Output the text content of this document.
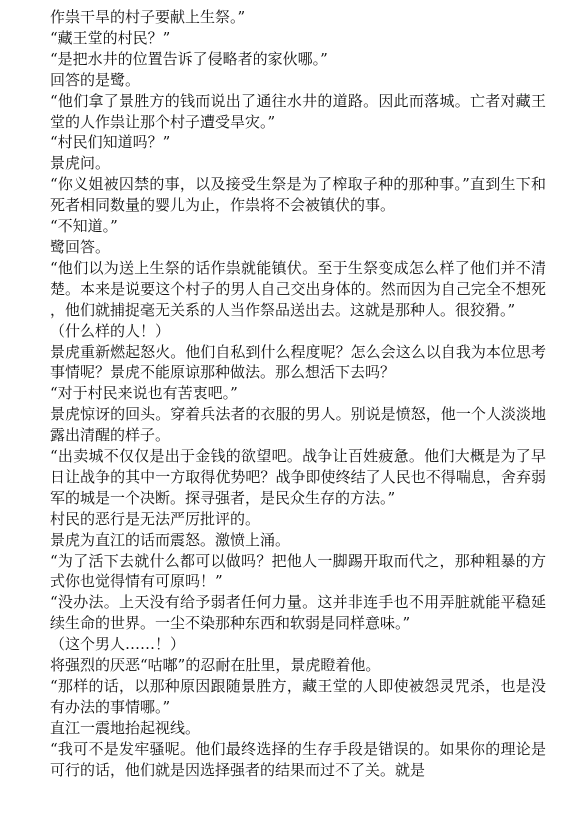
作祟干旱的村子要献上生祭。”

“藏王堂的村民？”

“是把水井的位置告诉了侵略者的家伙哪。”

回答的是鹭。

“他们拿了景胜方的钱而说出了通往水井的道路。因此而落城。亡者对藏王堂的人作祟让那个村子遭受旱灾。”

“村民们知道吗？”

景虎问。

“你义姐被囚禁的事，以及接受生祭是为了榨取子种的那种事。”直到生下和死者相同数量的婴儿为止，作祟将不会被镇伏的事。

“不知道。”

鹭回答。

“他们以为送上生祭的话作祟就能镇伏。至于生祭变成怎么样了他们并不清楚。本来是说要这个村子的男人自己交出身体的。然而因为自己完全不想死，他们就捕捉毫无关系的人当作祭品送出去。这就是那种人。很狡猾。”

（什么样的人！）

景虎重新燃起怒火。他们自私到什么程度呢？怎么会这么以自我为本位思考事情呢？景虎不能原谅那种做法。那么想活下去吗？

“对于村民来说也有苦衷吧。”

景虎惊讶的回头。穿着兵法者的衣服的男人。别说是愤怒，他一个人淡淡地露出清醒的样子。

“出卖城不仅仅是出于金钱的欲望吧。战争让百姓疲惫。他们大概是为了早日让战争的其中一方取得优势吧？战争即使终结了人民也不得喘息，舍弃弱军的城是一个决断。探寻强者，是民众生存的方法。”

村民的恶行是无法严厉批评的。

景虎为直江的话而震怒。激愤上涌。

“为了活下去就什么都可以做吗？把他人一脚踢开取而代之，那种粗暴的方式你也觉得情有可原吗！”

“没办法。上天没有给予弱者任何力量。这并非连手也不用弄脏就能平稳延续生命的世界。一尘不染那种东西和软弱是同样意味。”

（这个男人……！）

将强烈的厌恶“咕嘟”的忍耐在肚里，景虎瞪着他。

“那样的话，以那种原因跟随景胜方，藏王堂的人即使被怨灵咒杀，也是没有办法的事情哪。”

直江一震地抬起视线。

“我可不是发牢骚呢。他们最终选择的生存手段是错误的。如果你的理论是可行的话，他们就是因选择强者的结果而过不了关。就是
